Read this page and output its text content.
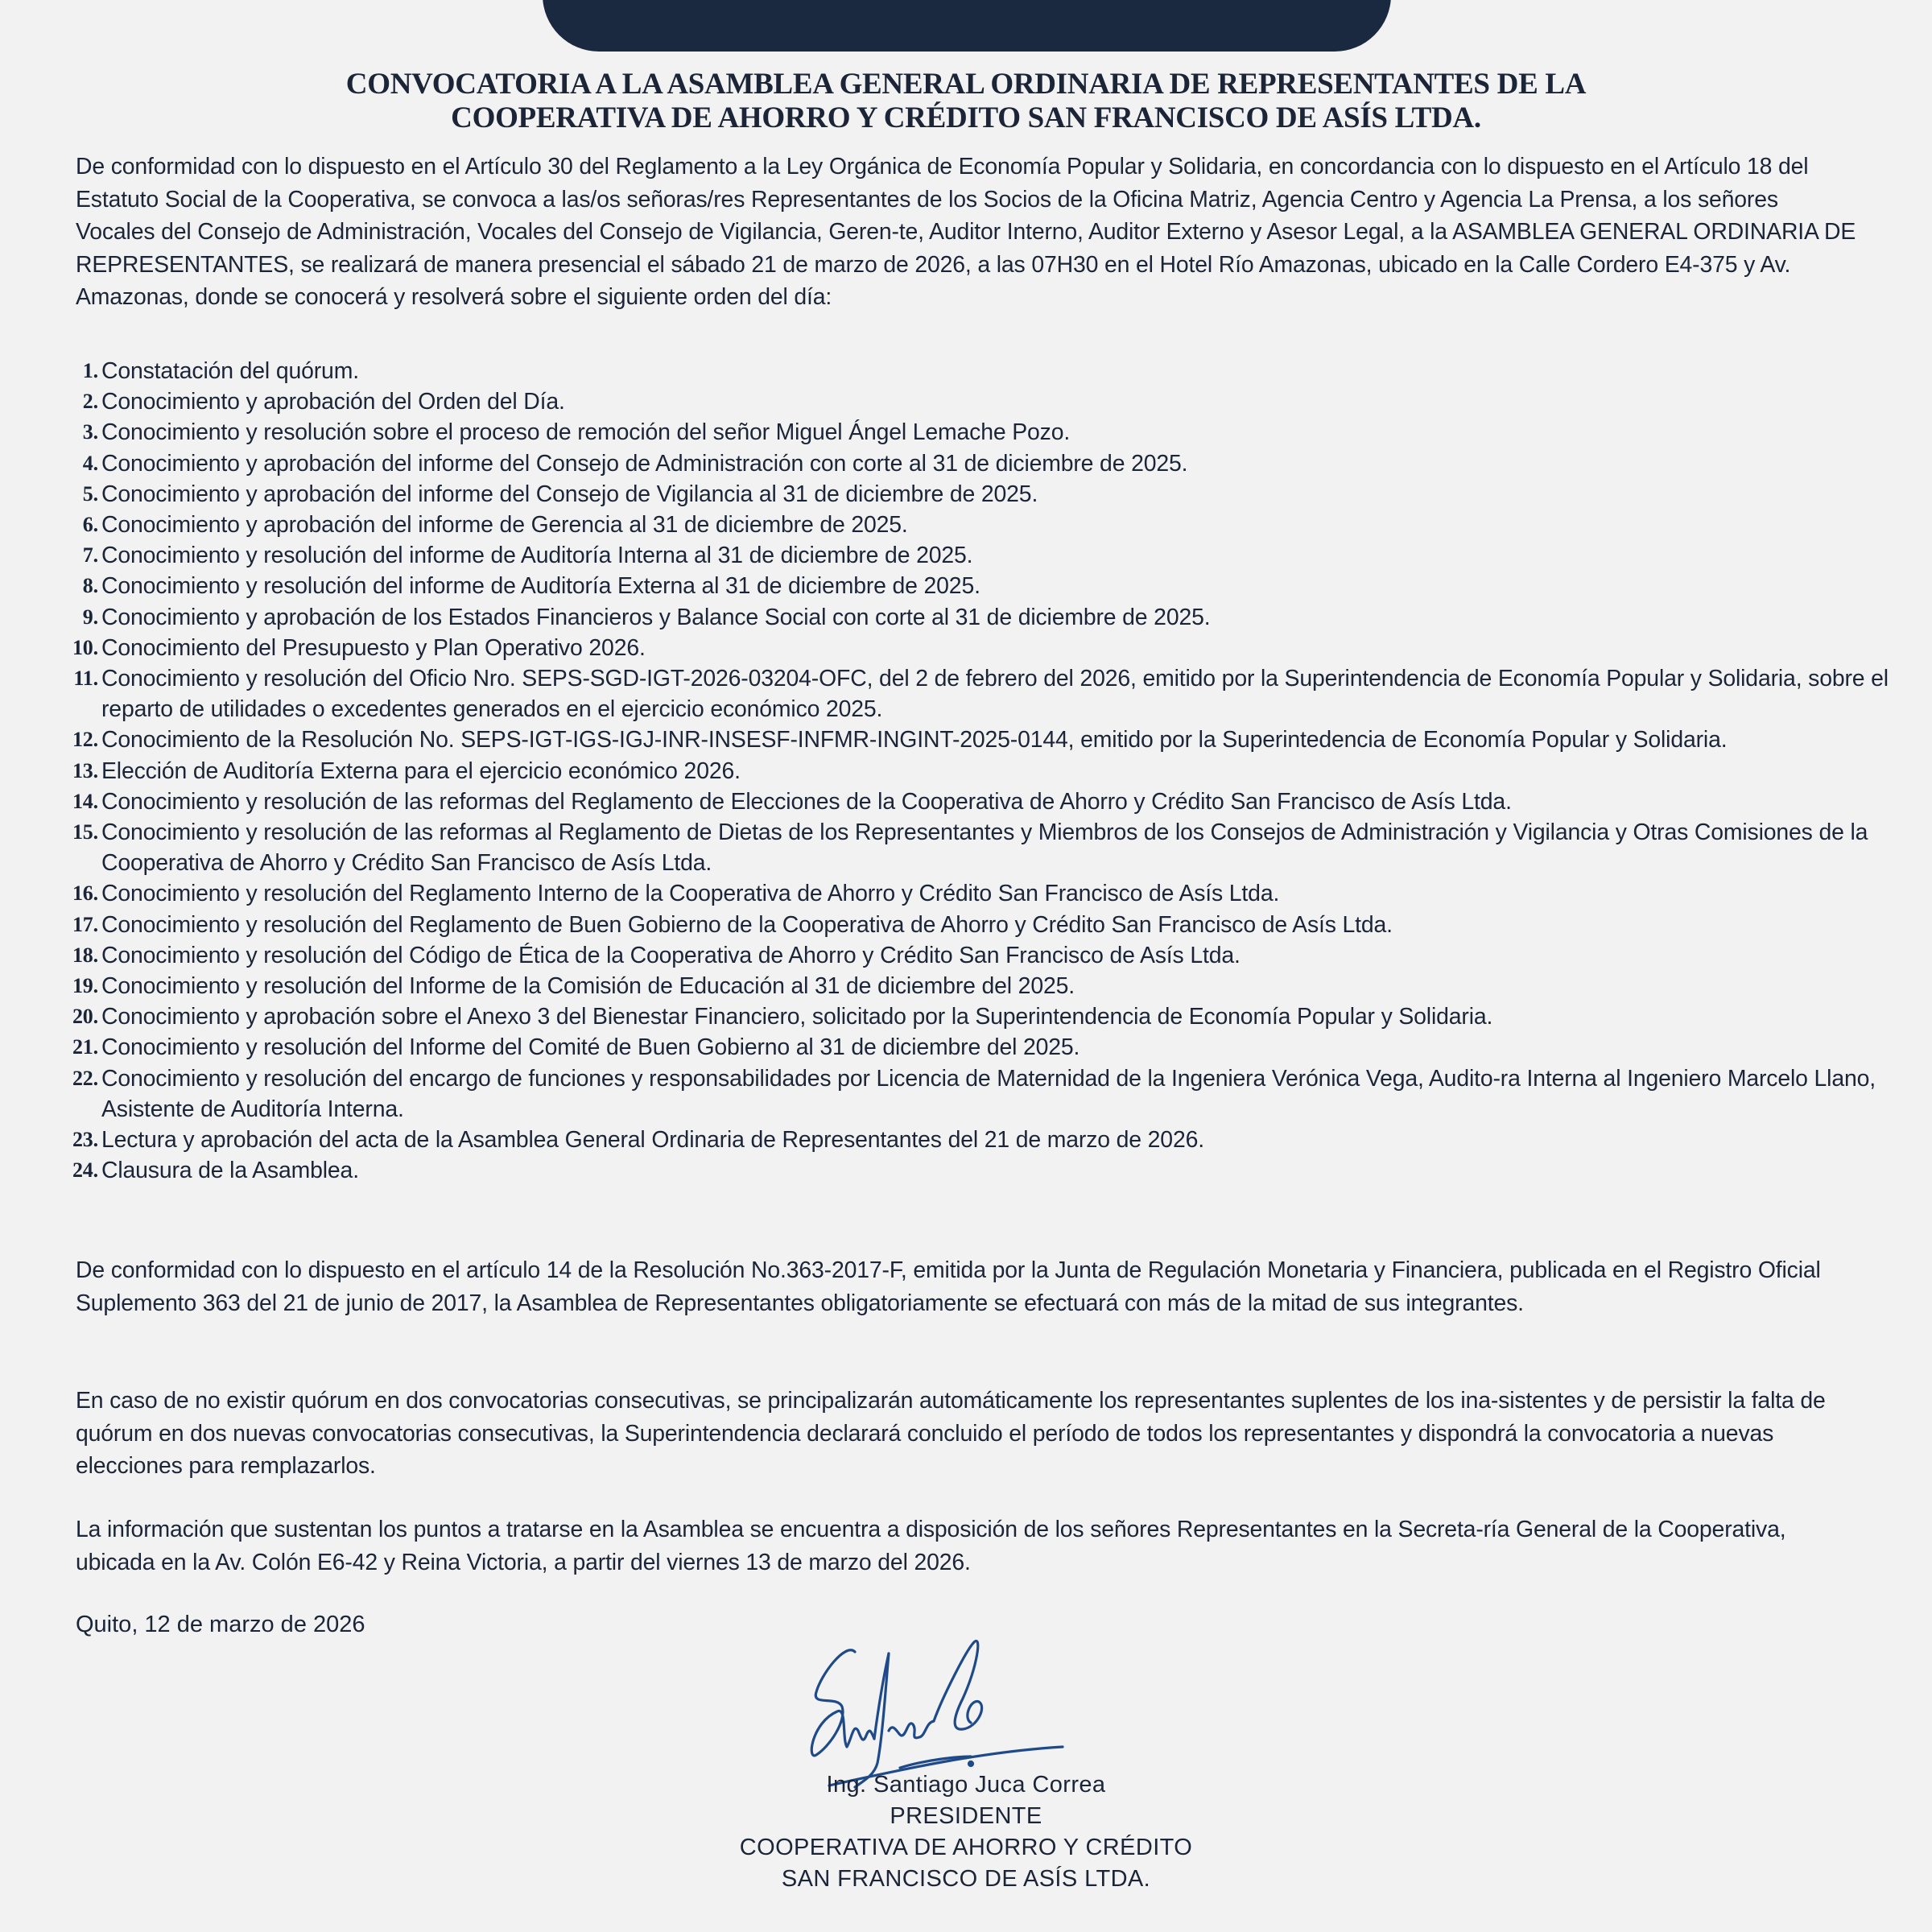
CONVOCATORIA A LA ASAMBLEA GENERAL ORDINARIA DE REPRESENTANTES DE LA
COOPERATIVA DE AHORRO Y CRÉDITO SAN FRANCISCO DE ASÍS LTDA.
De conformidad con lo dispuesto en el Artículo 30 del Reglamento a la Ley Orgánica de Economía Popular y Solidaria, en concordancia con lo dispuesto en el Artículo 18 del Estatuto Social de la Cooperativa, se convoca a las/os señoras/res Representantes de los Socios de la Oficina Matriz, Agencia Centro y Agencia La Prensa, a los señores Vocales del Consejo de Administración, Vocales del Consejo de Vigilancia, Geren-te, Auditor Interno, Auditor Externo y Asesor Legal, a la ASAMBLEA GENERAL ORDINARIA DE REPRESENTANTES, se realizará de manera presencial el sábado 21 de marzo de 2026, a las 07H30 en el Hotel Río Amazonas, ubicado en la Calle Cordero E4-375 y Av. Amazonas, donde se conocerá y resolverá sobre el siguiente orden del día:
1. Constatación del quórum.
2. Conocimiento y aprobación del Orden del Día.
3. Conocimiento y resolución sobre el proceso de remoción del señor Miguel Ángel Lemache Pozo.
4. Conocimiento y aprobación del informe del Consejo de Administración con corte al 31 de diciembre de 2025.
5. Conocimiento y aprobación del informe del Consejo de Vigilancia al 31 de diciembre de 2025.
6. Conocimiento y aprobación del informe de Gerencia al 31 de diciembre de 2025.
7. Conocimiento y resolución del informe de Auditoría Interna al 31 de diciembre de 2025.
8. Conocimiento y resolución del informe de Auditoría Externa al 31 de diciembre de 2025.
9. Conocimiento y aprobación de los Estados Financieros y Balance Social con corte al 31 de diciembre de 2025.
10. Conocimiento del Presupuesto y Plan Operativo 2026.
11. Conocimiento y resolución del Oficio Nro. SEPS-SGD-IGT-2026-03204-OFC, del 2 de febrero del 2026, emitido por la Superintendencia de Economía Popular y Solidaria, sobre el reparto de utilidades o excedentes generados en el ejercicio económico 2025.
12. Conocimiento de la Resolución No. SEPS-IGT-IGS-IGJ-INR-INSESF-INFMR-INGINT-2025-0144, emitido por la Superintedencia de Economía Popular y Solidaria.
13. Elección de Auditoría Externa para el ejercicio económico 2026.
14. Conocimiento y resolución de las reformas del Reglamento de Elecciones de la Cooperativa de Ahorro y Crédito San Francisco de Asís Ltda.
15. Conocimiento y resolución de las reformas al Reglamento de Dietas de los Representantes y Miembros de los Consejos de Administración y Vigilancia y Otras Comisiones de la Cooperativa de Ahorro y Crédito San Francisco de Asís Ltda.
16. Conocimiento y resolución del Reglamento Interno de la Cooperativa de Ahorro y Crédito San Francisco de Asís Ltda.
17. Conocimiento y resolución del Reglamento de Buen Gobierno de la Cooperativa de Ahorro y Crédito San Francisco de Asís Ltda.
18. Conocimiento y resolución del Código de Ética de la Cooperativa de Ahorro y Crédito San Francisco de Asís Ltda.
19. Conocimiento y resolución del Informe de la Comisión de Educación al 31 de diciembre del 2025.
20. Conocimiento y aprobación sobre el Anexo 3 del Bienestar Financiero, solicitado por la Superintendencia de Economía Popular y Solidaria.
21. Conocimiento y resolución del Informe del Comité de Buen Gobierno al 31 de diciembre del 2025.
22. Conocimiento y resolución del encargo de funciones y responsabilidades por Licencia de Maternidad de la Ingeniera Verónica Vega, Audito-ra Interna al Ingeniero Marcelo Llano, Asistente de Auditoría Interna.
23. Lectura y aprobación del acta de la Asamblea General Ordinaria de Representantes del 21 de marzo de 2026.
24. Clausura de la Asamblea.
De conformidad con lo dispuesto en el artículo 14 de la Resolución No.363-2017-F, emitida por la Junta de Regulación Monetaria y Financiera, publicada en el Registro Oficial Suplemento 363 del 21 de junio de 2017, la Asamblea de Representantes obligatoriamente se efectuará con más de la mitad de sus integrantes.
En caso de no existir quórum en dos convocatorias consecutivas, se principalizarán automáticamente los representantes suplentes de los ina-sistentes y de persistir la falta de quórum en dos nuevas convocatorias consecutivas, la Superintendencia declarará concluido el período de todos los representantes y dispondrá la convocatoria a nuevas elecciones para remplazarlos.
La información que sustentan los puntos a tratarse en la Asamblea se encuentra a disposición de los señores Representantes en la Secreta-ría General de la Cooperativa, ubicada en la Av. Colón E6-42 y Reina Victoria, a partir del viernes 13 de marzo del 2026.
Quito, 12 de marzo de 2026
Ing. Santiago Juca Correa
PRESIDENTE
COOPERATIVA DE AHORRO Y CRÉDITO
SAN FRANCISCO DE ASÍS LTDA.
